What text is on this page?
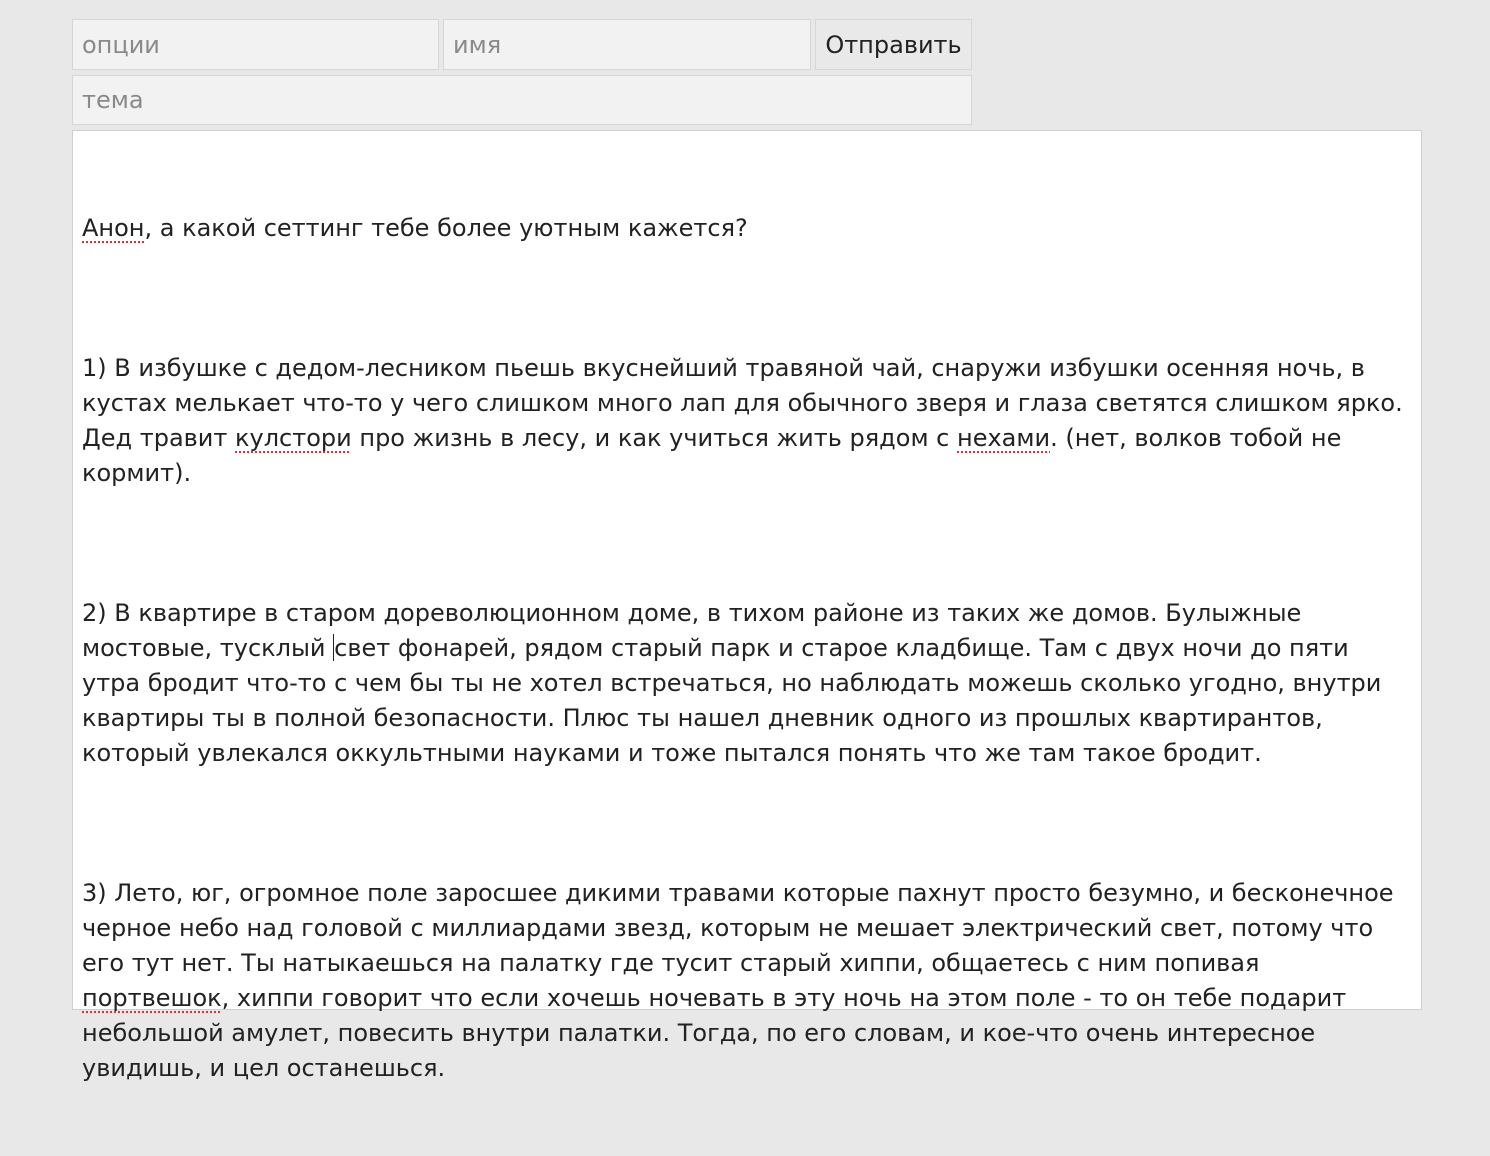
опции
имя
Отправить
тема

Анон, а какой сеттинг тебе более уютным кажется?

1) В избушке с дедом-лесником пьешь вкуснейший травяной чай, снаружи избушки осенняя ночь, в кустах мелькает что-то у чего слишком много лап для обычного зверя и глаза светятся слишком ярко. Дед травит кулстори про жизнь в лесу, и как учиться жить рядом с нехами. (нет, волков тобой не кормит).

2) В квартире в старом дореволюционном доме, в тихом районе из таких же домов. Булыжные мостовые, тусклый свет фонарей, рядом старый парк и старое кладбище. Там с двух ночи до пяти утра бродит что-то с чем бы ты не хотел встречаться, но наблюдать можешь сколько угодно, внутри квартиры ты в полной безопасности. Плюс ты нашел дневник одного из прошлых квартирантов, который увлекался оккультными науками и тоже пытался понять что же там такое бродит.

3) Лето, юг, огромное поле заросшее дикими травами которые пахнут просто безумно, и бесконечное черное небо над головой с миллиардами звезд, которым не мешает электрический свет, потому что его тут нет. Ты натыкаешься на палатку где тусит старый хиппи, общаетесь с ним попивая портвешок, хиппи говорит что если хочешь ночевать в эту ночь на этом поле - то он тебе подарит небольшой амулет, повесить внутри палатки. Тогда, по его словам, и кое-что очень интересное увидишь, и цел останешься.
